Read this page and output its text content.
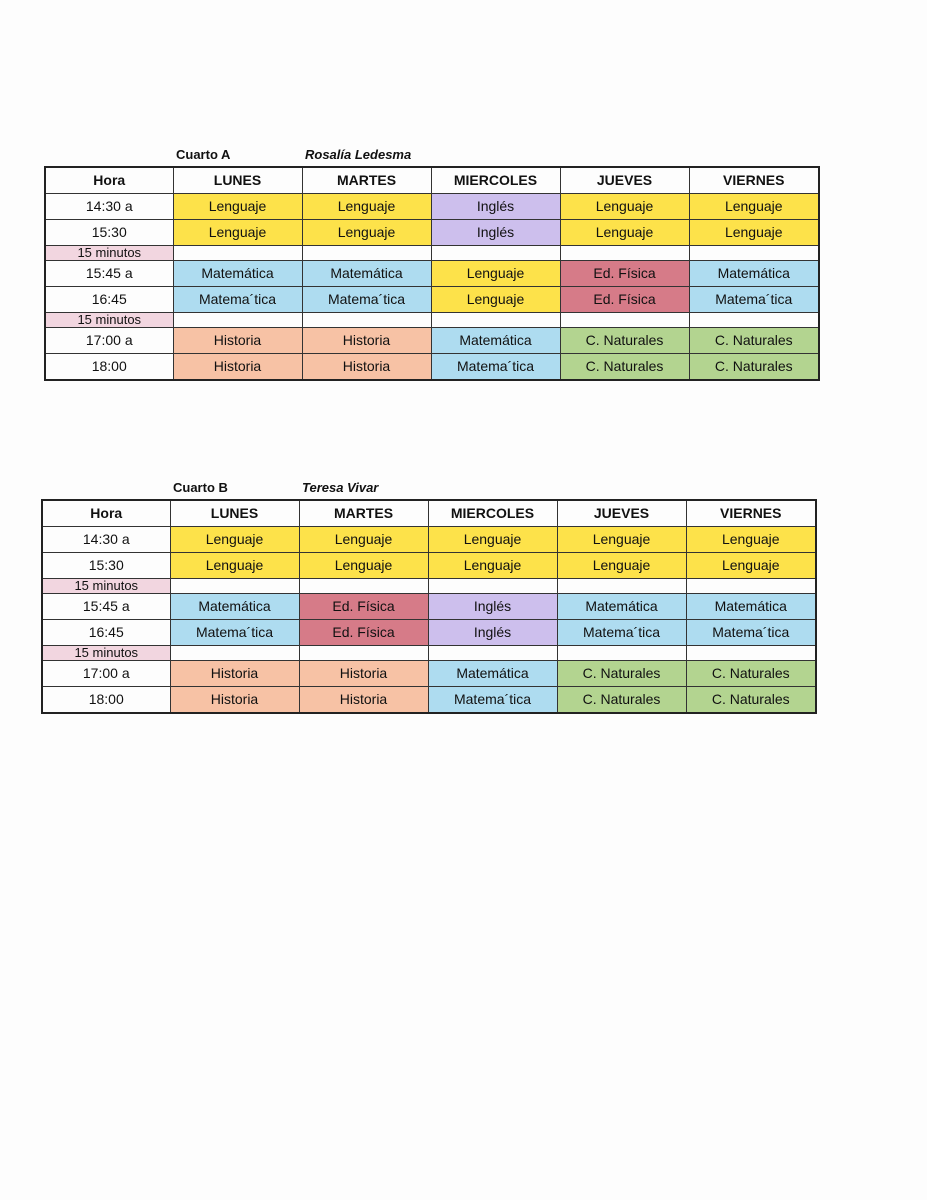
Cuarto A	Rosalía Ledesma
Hora	LUNES	MARTES	MIERCOLES	JUEVES	VIERNES
14:30 a	Lenguaje	Lenguaje	Inglés	Lenguaje	Lenguaje
15:30	Lenguaje	Lenguaje	Inglés	Lenguaje	Lenguaje
15 minutos					
15:45 a	Matemática	Matemática	Lenguaje	Ed. Física	Matemática
16:45	Matema´tica	Matema´tica	Lenguaje	Ed. Física	Matema´tica
15 minutos					
17:00 a	Historia	Historia	Matemática	C. Naturales	C. Naturales
18:00	Historia	Historia	Matema´tica	C. Naturales	C. Naturales
Cuarto B	Teresa Vivar
Hora	LUNES	MARTES	MIERCOLES	JUEVES	VIERNES
14:30 a	Lenguaje	Lenguaje	Lenguaje	Lenguaje	Lenguaje
15:30	Lenguaje	Lenguaje	Lenguaje	Lenguaje	Lenguaje
15 minutos					
15:45 a	Matemática	Ed. Física	Inglés	Matemática	Matemática
16:45	Matema´tica	Ed. Física	Inglés	Matema´tica	Matema´tica
15 minutos					
17:00 a	Historia	Historia	Matemática	C. Naturales	C. Naturales
18:00	Historia	Historia	Matema´tica	C. Naturales	C. Naturales
